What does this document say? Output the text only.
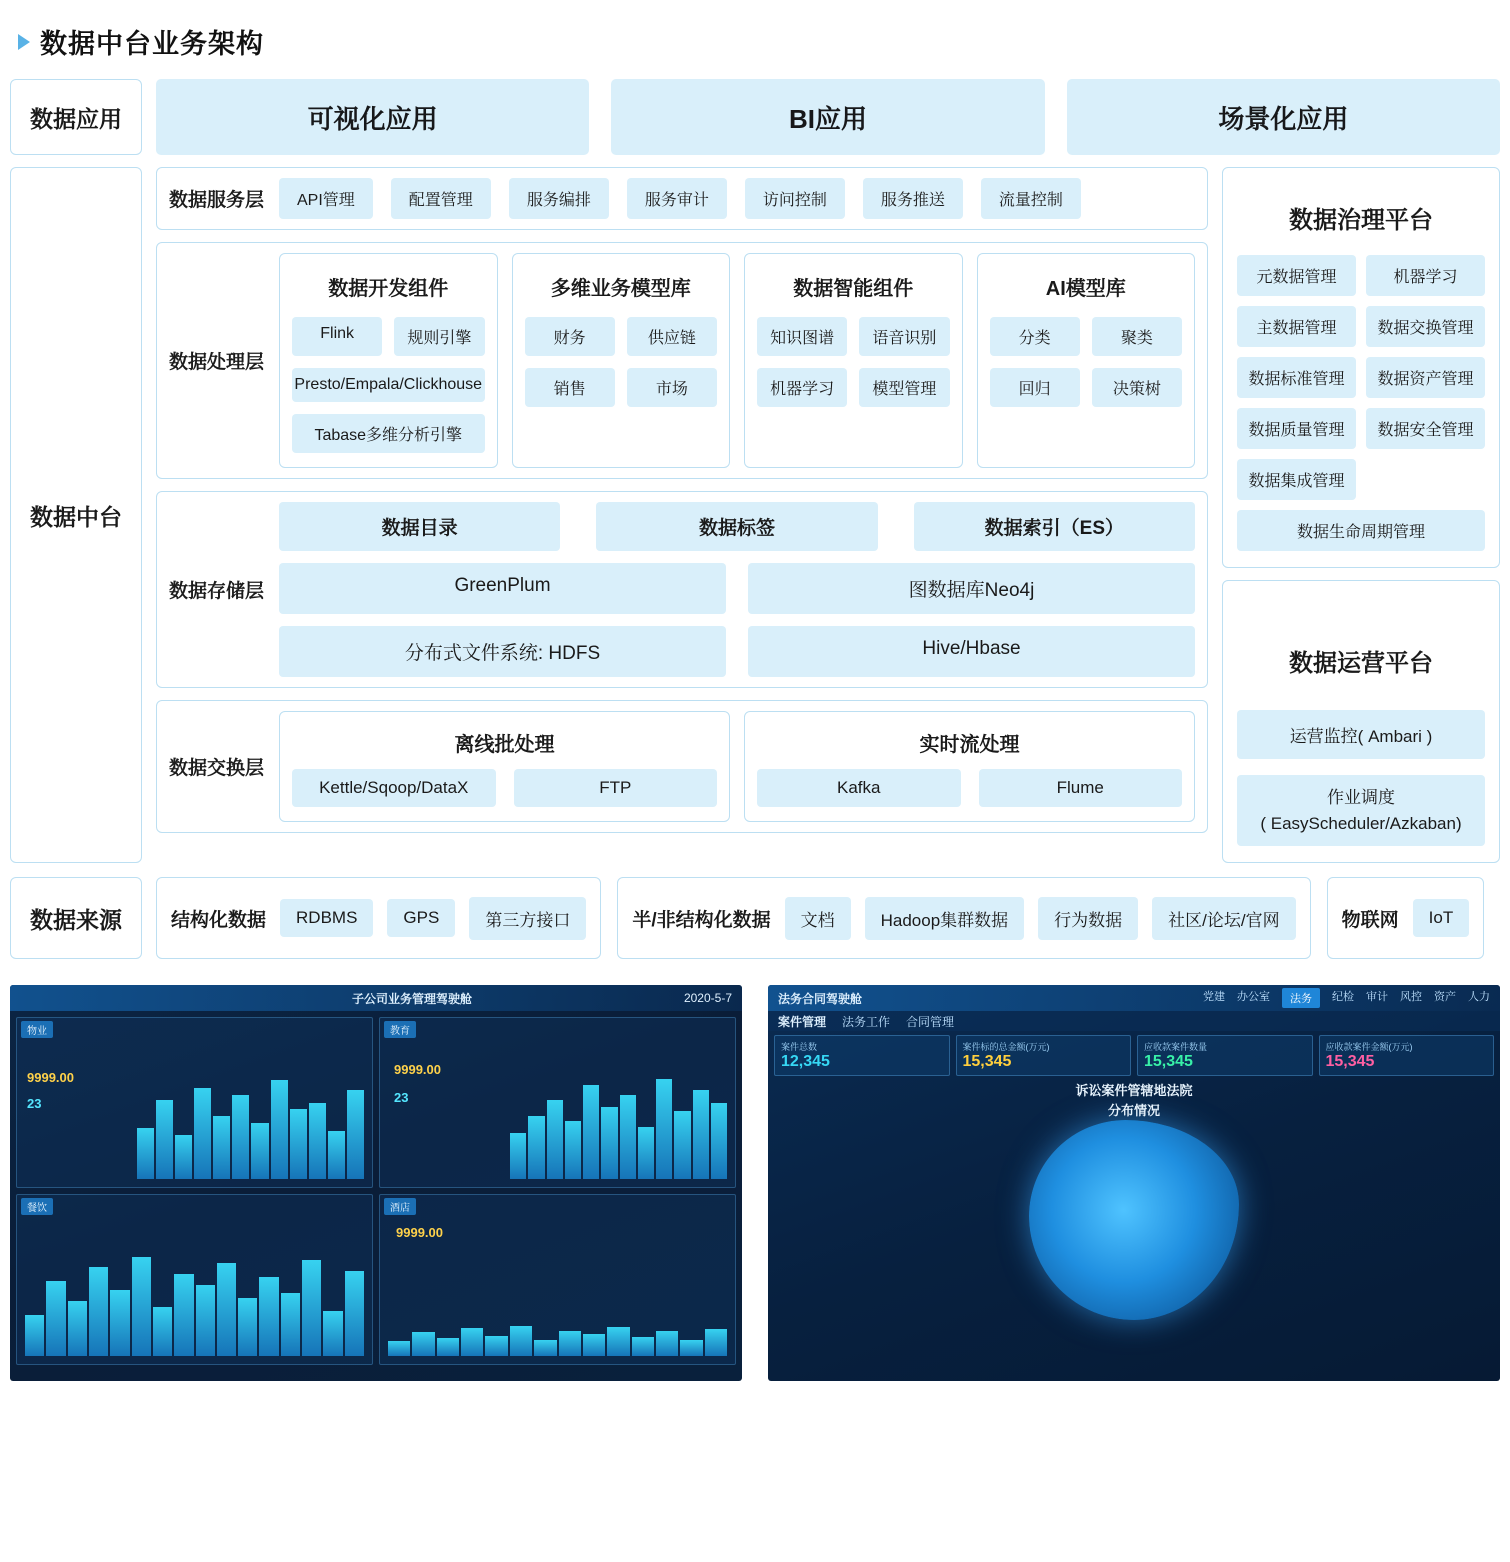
数据中台业务架构
数据应用	可视化应用	BI应用	场景化应用
数据中台
数据服务层	API管理	配置管理	服务编排	服务审计	访问控制	服务推送	流量控制
数据处理层
数据开发组件
Flink	规则引擎
Presto/Empala/Clickhouse
Tabase多维分析引擎
多维业务模型库
财务	供应链
销售	市场
数据智能组件
知识图谱	语音识别
机器学习	模型管理
AI模型库
分类	聚类
回归	决策树
数据存储层
数据目录	数据标签	数据索引（ES）
GreenPlum	图数据库Neo4j
分布式文件系统: HDFS	Hive/Hbase
数据交换层
离线批处理
Kettle/Sqoop/DataX	FTP
实时流处理
Kafka	Flume
数据治理平台
元数据管理	机器学习
主数据管理	数据交换管理
数据标准管理	数据资产管理
数据质量管理	数据安全管理
数据集成管理
数据生命周期管理
数据运营平台
运营监控( Ambari )
作业调度
( EasyScheduler/Azkaban)
数据来源	结构化数据	RDBMS	GPS	第三方接口	半/非结构化数据	文档	Hadoop集群数据	行为数据	社区/论坛/官网	物联网	IoT
子公司业务管理驾驶舱	2020-5-7
物业
9999.00
23
餐饮
教育
9999.00
23
酒店
9999.00
法务合同驾驶舱	党建 办公室	法务	纪检 审计 风控 资产 人力
案件管理 法务工作 合同管理
案件总数
12,345
案件标的总金额(万元)
15,345
应收款案件数量
15,345
应收款案件金额(万元)
15,345
诉讼案件管辖地法院
分布情况
